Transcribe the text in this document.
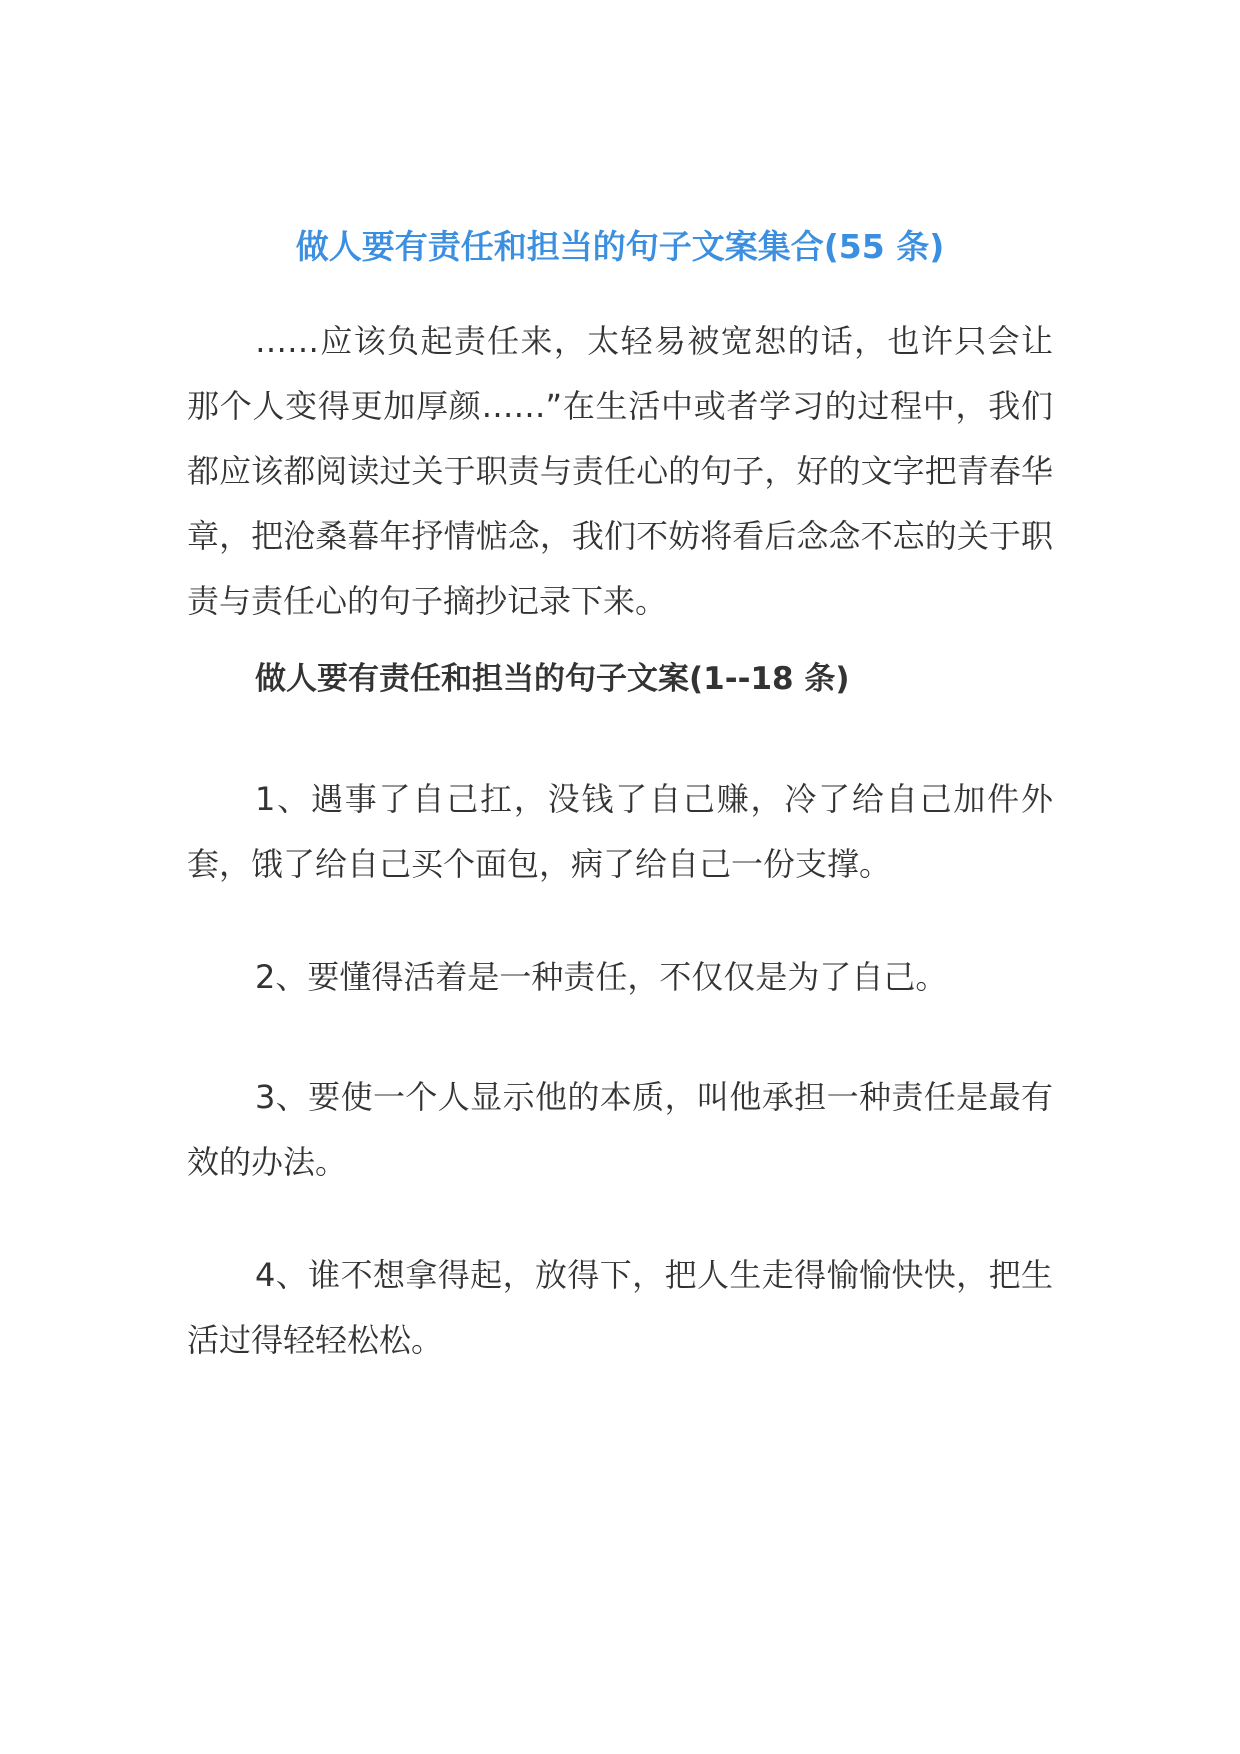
做人要有责任和担当的句子文案集合(55 条)

……应该负起责任来，太轻易被宽恕的话，也许只会让那个人变得更加厚颜……”在生活中或者学习的过程中，我们都应该都阅读过关于职责与责任心的句子，好的文字把青春华章，把沧桑暮年抒情惦念，我们不妨将看后念念不忘的关于职责与责任心的句子摘抄记录下来。

做人要有责任和担当的句子文案(1--18 条)

1、遇事了自己扛，没钱了自己赚，冷了给自己加件外套，饿了给自己买个面包，病了给自己一份支撑。

2、要懂得活着是一种责任，不仅仅是为了自己。

3、要使一个人显示他的本质，叫他承担一种责任是最有效的办法。

4、谁不想拿得起，放得下，把人生走得愉愉快快，把生活过得轻轻松松。
